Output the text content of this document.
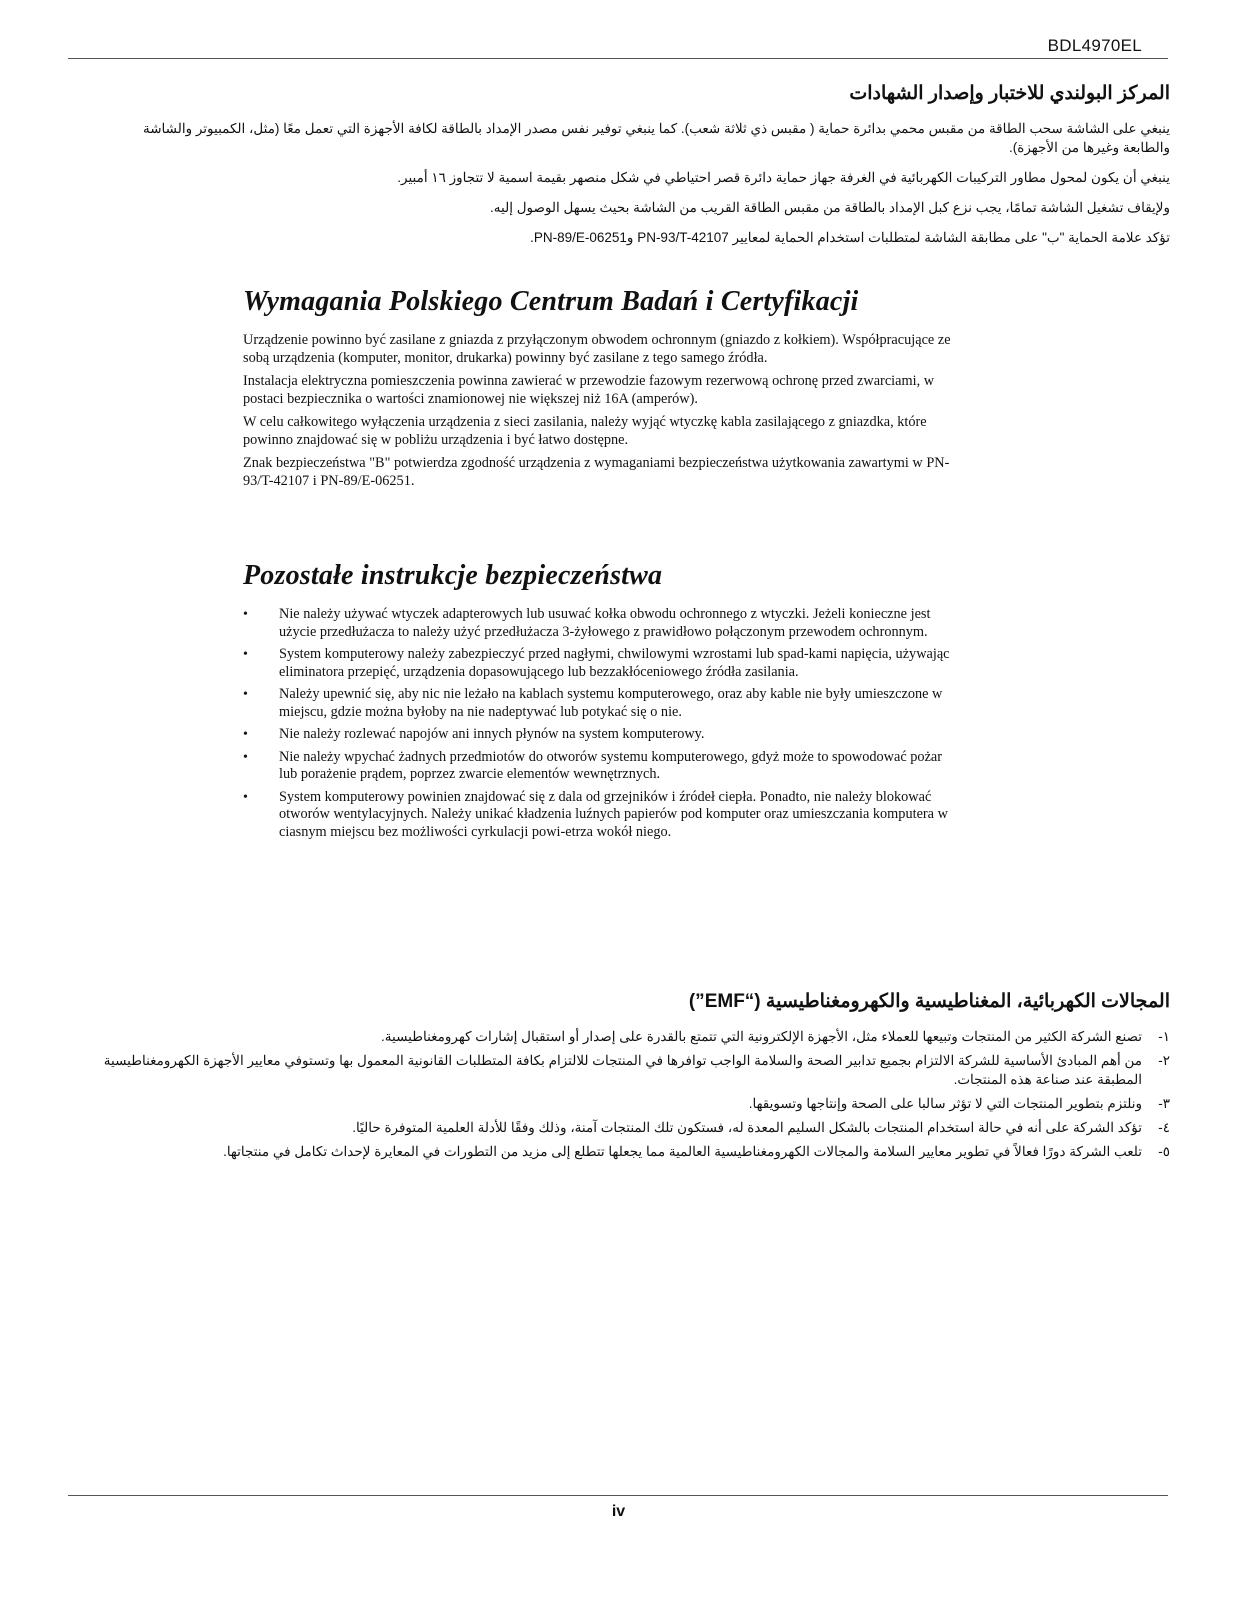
BDL4970EL
المركز البولندي للاختبار وإصدار الشهادات

ينبغي على الشاشة سحب الطاقة من مقبس محمي بدائرة حماية ( مقبس ذي ثلاثة شعب). كما ينبغي توفير نفس مصدر الإمداد بالطاقة لكافة الأجهزة التي تعمل معًا (مثل، الكمبيوتر والشاشة والطابعة وغيرها من الأجهزة).

ينبغي أن يكون لمحول مطاور التركيبات الكهربائية في الغرفة جهاز حماية دائرة قصر احتياطي في شكل منصهر بقيمة اسمية لا تتجاوز ١٦ أمبير.

ولإيقاف تشغيل الشاشة تمامًا، يجب نزع كبل الإمداد بالطاقة من مقبس الطاقة القريب من الشاشة بحيث يسهل الوصول إليه.

تؤكد علامة الحماية "ب" على مطابقة الشاشة لمتطلبات استخدام الحماية لمعايير PN-93/T-42107 وPN-89/E-06251.

Wymagania Polskiego Centrum Badań i Certyfikacji

Urządzenie powinno być zasilane z gniazda z przyłączonym obwodem ochronnym (gniazdo z kołkiem). Współpracujące ze sobą urządzenia (komputer, monitor, drukarka) powinny być zasilane z tego samego źródła.

Instalacja elektryczna pomieszczenia powinna zawierać w przewodzie fazowym rezerwową ochronę przed zwarciami, w postaci bezpiecznika o wartości znamionowej nie większej niż 16A (amperów).

W celu całkowitego wyłączenia urządzenia z sieci zasilania, należy wyjąć wtyczkę kabla zasilającego z gniazdka, które powinno znajdować się w pobliżu urządzenia i być łatwo dostępne.

Znak bezpieczeństwa "B" potwierdza zgodność urządzenia z wymaganiami bezpieczeństwa użytkowania zawartymi w PN-93/T-42107 i PN-89/E-06251.

Pozostałe instrukcje bezpieczeństwa
• Nie należy używać wtyczek adapterowych lub usuwać kołka obwodu ochronnego z wtyczki. Jeżeli konieczne jest użycie przedłużacza to należy użyć przedłużacza 3-żyłowego z prawidłowo połączonym przewodem ochronnym.
• System komputerowy należy zabezpieczyć przed nagłymi, chwilowymi wzrostami lub spad-kami napięcia, używając eliminatora przepięć, urządzenia dopasowującego lub bezzakłóceniowego źródła zasilania.
• Należy upewnić się, aby nic nie leżało na kablach systemu komputerowego, oraz aby kable nie były umieszczone w miejscu, gdzie można byłoby na nie nadeptywać lub potykać się o nie.
• Nie należy rozlewać napojów ani innych płynów na system komputerowy.
• Nie należy wpychać żadnych przedmiotów do otworów systemu komputerowego, gdyż może to spowodować pożar lub porażenie prądem, poprzez zwarcie elementów wewnętrznych.
• System komputerowy powinien znajdować się z dala od grzejników i źródeł ciepła. Ponadto, nie należy blokować otworów wentylacyjnych. Należy unikać kładzenia luźnych papierów pod komputer oraz umieszczania komputera w ciasnym miejscu bez możliwości cyrkulacji powi-etrza wokół niego.
المجالات الكهربائية، المغناطيسية والكهرومغناطيسية (“EMF”)
١-
تصنع الشركة الكثير من المنتجات وتبيعها للعملاء مثل، الأجهزة الإلكترونية التي تتمتع بالقدرة على إصدار أو استقبال إشارات كهرومغناطيسية.
٢-
من أهم المبادئ الأساسية للشركة الالتزام بجميع تدابير الصحة والسلامة الواجب توافرها في المنتجات للالتزام بكافة المتطلبات القانونية المعمول بها وتستوفي معايير الأجهزة الكهرومغناطيسية المطبقة عند صناعة هذه المنتجات.
٣-
ونلتزم بتطوير المنتجات التي لا تؤثر سالبا على الصحة وإنتاجها وتسويقها.
٤-
تؤكد الشركة على أنه في حالة استخدام المنتجات بالشكل السليم المعدة له، فستكون تلك المنتجات آمنة، وذلك وفقًا للأدلة العلمية المتوفرة حاليًا.
٥-
تلعب الشركة دورًا فعالاً في تطوير معايير السلامة والمجالات الكهرومغناطيسية العالمية مما يجعلها تتطلع إلى مزيد من التطورات في المعايرة لإحداث تكامل في منتجاتها.
iv
